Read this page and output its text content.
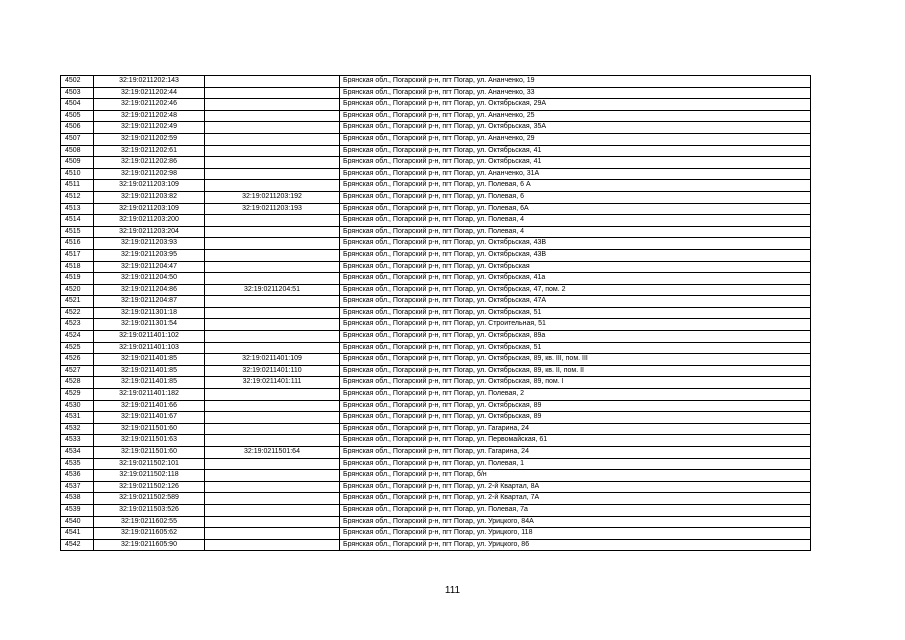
4502	32:19:0211202:143		Брянская обл., Погарский р-н, пгт Погар, ул. Ананченко, 19
4503	32:19:0211202:44		Брянская обл., Погарский р-н, пгт Погар, ул. Ананченко, 33
4504	32:19:0211202:46		Брянская обл., Погарский р-н, пгт Погар, ул. Октябрьская, 29А
4505	32:19:0211202:48		Брянская обл., Погарский р-н, пгт Погар, ул. Ананченко, 25
4506	32:19:0211202:49		Брянская обл., Погарский р-н, пгт Погар, ул. Октябрьская, 35А
4507	32:19:0211202:59		Брянская обл., Погарский р-н, пгт Погар, ул. Ананченко, 29
4508	32:19:0211202:61		Брянская обл., Погарский р-н, пгт Погар, ул. Октябрьская, 41
4509	32:19:0211202:86		Брянская обл., Погарский р-н, пгт Погар, ул. Октябрьская, 41
4510	32:19:0211202:98		Брянская обл., Погарский р-н, пгт Погар, ул. Ананченко, 31А
4511	32:19:0211203:109		Брянская обл., Погарский р-н, пгт Погар, ул. Полевая, 6 А
4512	32:19:0211203:82	32:19:0211203:192	Брянская обл., Погарский р-н, пгт Погар, ул. Полевая, 6
4513	32:19:0211203:109	32:19:0211203:193	Брянская обл., Погарский р-н, пгт Погар, ул. Полевая, 6А
4514	32:19:0211203:200		Брянская обл., Погарский р-н, пгт Погар, ул. Полевая, 4
4515	32:19:0211203:204		Брянская обл., Погарский р-н, пгт Погар, ул. Полевая, 4
4516	32:19:0211203:93		Брянская обл., Погарский р-н, пгт Погар, ул. Октябрьская, 43В
4517	32:19:0211203:95		Брянская обл., Погарский р-н, пгт Погар, ул. Октябрьская, 43В
4518	32:19:0211204:47		Брянская обл., Погарский р-н, пгт Погар, ул. Октябрьская
4519	32:19:0211204:50		Брянская обл., Погарский р-н, пгт Погар, ул. Октябрьская, 41а
4520	32:19:0211204:86	32:19:0211204:51	Брянская обл., Погарский р-н, пгт Погар, ул. Октябрьская, 47, пом. 2
4521	32:19:0211204:87		Брянская обл., Погарский р-н, пгт Погар, ул. Октябрьская, 47А
4522	32:19:0211301:18		Брянская обл., Погарский р-н, пгт Погар, ул. Октябрьская, 51
4523	32:19:0211301:54		Брянская обл., Погарский р-н, пгт Погар, ул. Строительная, 51
4524	32:19:0211401:102		Брянская обл., Погарский р-н, пгт Погар, ул. Октябрьская, 89а
4525	32:19:0211401:103		Брянская обл., Погарский р-н, пгт Погар, ул. Октябрьская, 51
4526	32:19:0211401:85	32:19:0211401:109	Брянская обл., Погарский р-н, пгт Погар, ул. Октябрьская, 89, кв. III, пом. III
4527	32:19:0211401:85	32:19:0211401:110	Брянская обл., Погарский р-н, пгт Погар, ул. Октябрьская, 89, кв. II, пом. II
4528	32:19:0211401:85	32:19:0211401:111	Брянская обл., Погарский р-н, пгт Погар, ул. Октябрьская, 89, пом. I
4529	32:19:0211401:182		Брянская обл., Погарский р-н, пгт Погар, ул. Полевая, 2
4530	32:19:0211401:66		Брянская обл., Погарский р-н, пгт Погар, ул. Октябрьская, 89
4531	32:19:0211401:67		Брянская обл., Погарский р-н, пгт Погар, ул. Октябрьская, 89
4532	32:19:0211501:60		Брянская обл., Погарский р-н, пгт Погар, ул. Гагарина, 24
4533	32:19:0211501:63		Брянская обл., Погарский р-н, пгт Погар, ул. Первомайская, 61
4534	32:19:0211501:60	32:19:0211501:64	Брянская обл., Погарский р-н, пгт Погар, ул. Гагарина, 24
4535	32:19:0211502:101		Брянская обл., Погарский р-н, пгт Погар, ул. Полевая, 1
4536	32:19:0211502:118		Брянская обл., Погарский р-н, пгт Погар, б/н
4537	32:19:0211502:126		Брянская обл., Погарский р-н, пгт Погар, ул. 2-й Квартал, 8А
4538	32:19:0211502:589		Брянская обл., Погарский р-н, пгт Погар, ул. 2-й Квартал, 7А
4539	32:19:0211503:526		Брянская обл., Погарский р-н, пгт Погар, ул. Полевая, 7а
4540	32:19:0211602:55		Брянская обл., Погарский р-н, пгт Погар, ул. Урицкого, 84А
4541	32:19:0211605:62		Брянская обл., Погарский р-н, пгт Погар, ул. Урицкого, 118
4542	32:19:0211605:90		Брянская обл., Погарский р-н, пгт Погар, ул. Урицкого, 86
111
